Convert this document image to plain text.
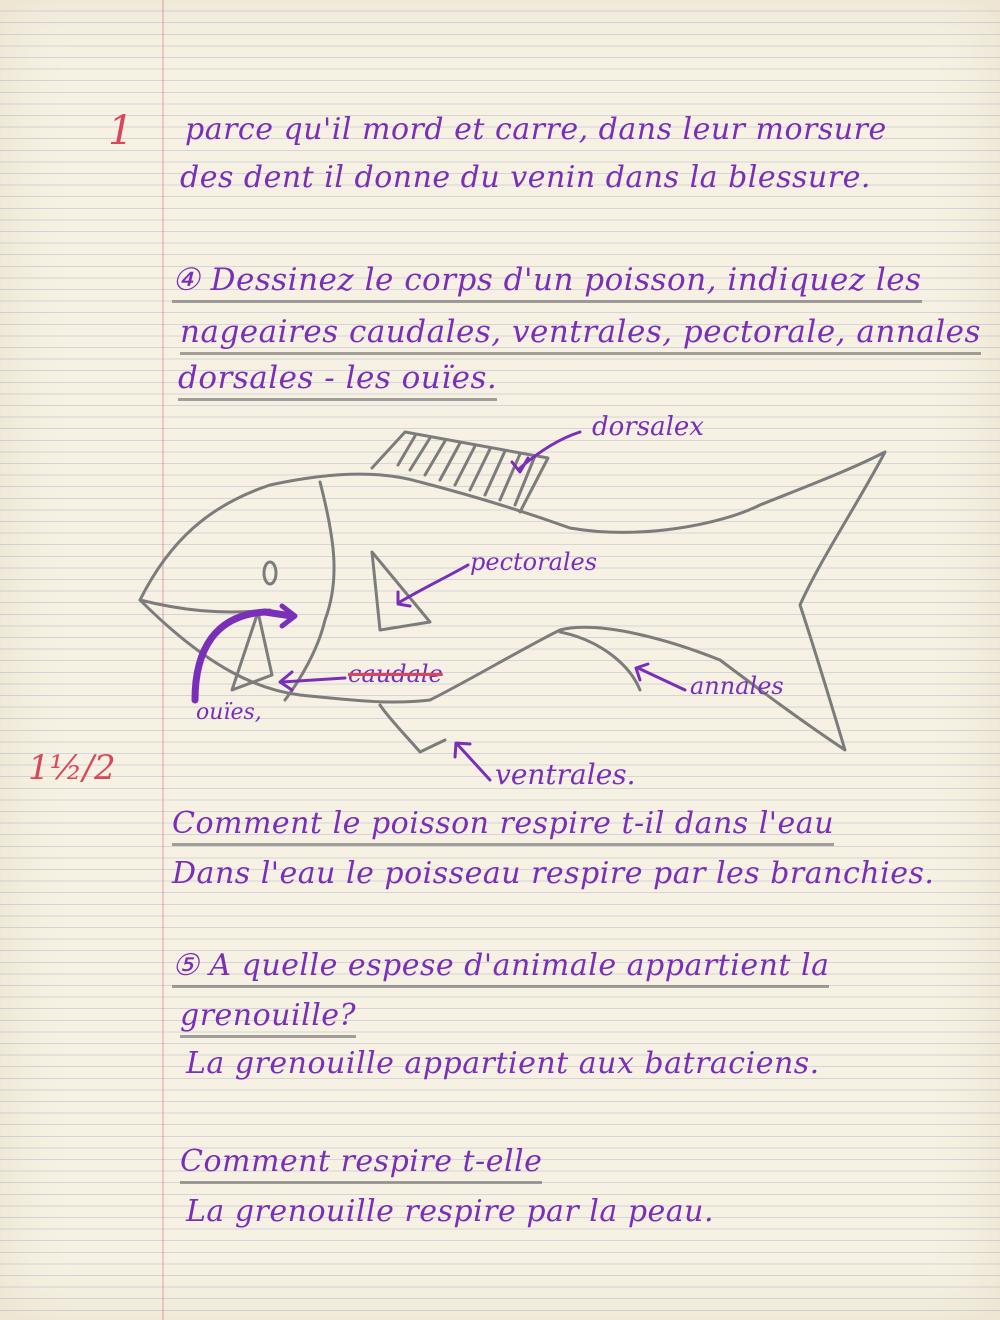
1
1½/2
parce qu'il mord et carre, dans leur morsure
des dent il donne du venin dans la blessure.
④ Dessinez le corps d'un poisson, indiquez les
nageaires caudales, ventrales, pectorale, annales
dorsales - les ouïes.
dorsalex
pectorales
caudale	annales
ouïes,
ventrales.
Comment le poisson respire t-il dans l'eau
Dans l'eau le poisseau respire par les branchies.
⑤ A quelle espese d'animale appartient la
grenouille?
La grenouille appartient aux batraciens.
Comment respire t-elle
La grenouille respire par la peau.
